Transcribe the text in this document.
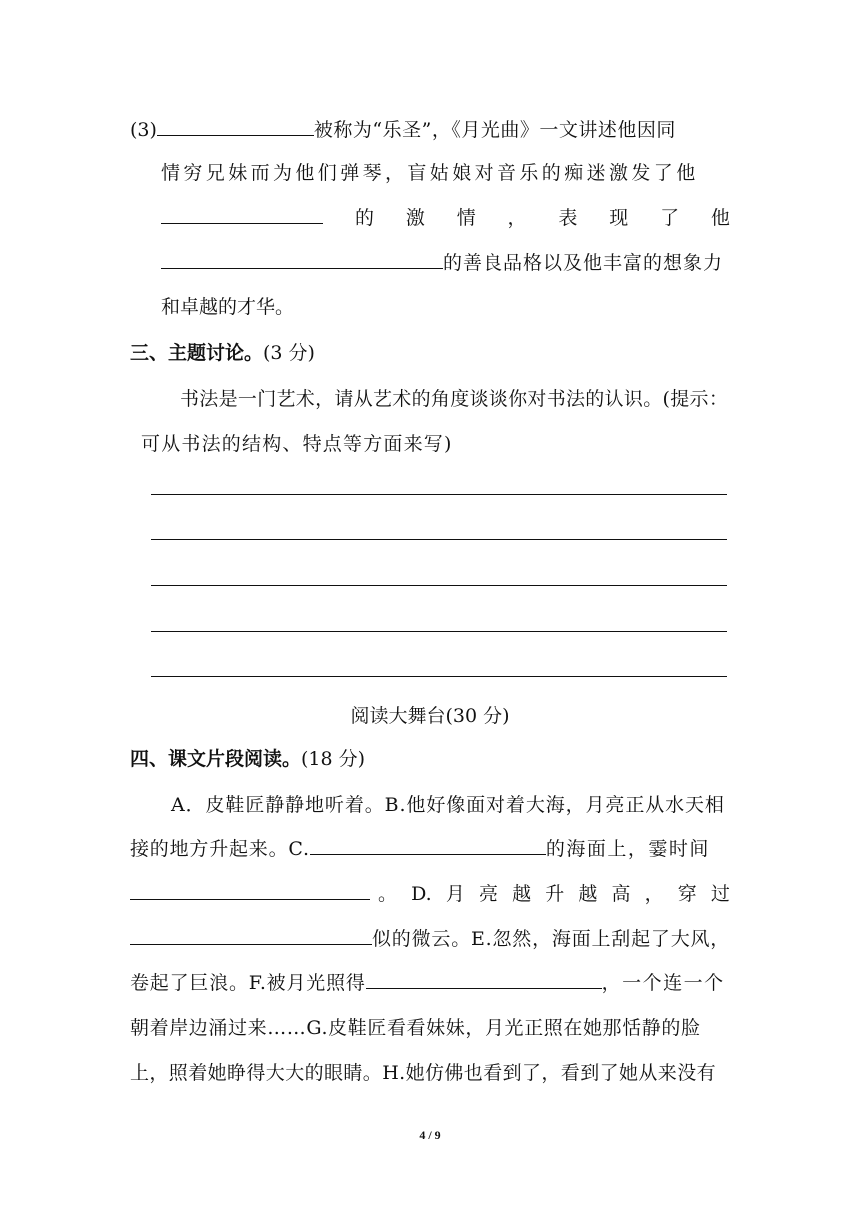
(3)	被称为“乐圣”，《月光曲》一文讲述他因同
情穷兄妹而为他们弹琴，盲姑娘对音乐的痴迷激发了他
的 激 情 ， 表 现 了 他
的善良品格以及他丰富的想象力
和卓越的才华。
三、主题讨论。(3 分)
书法是一门艺术，请从艺术的角度谈谈你对书法的认识。(提示：
可从书法的结构、特点等方面来写)
阅读大舞台(30 分)
四、课文片段阅读。(18 分)
A．皮鞋匠静静地听着。B.他好像面对着大海，月亮正从水天相
接的地方升起来。C.	的海面上，霎时间
。 D. 月 亮 越 升 越 高 ， 穿 过
似的微云。E.忽然，海面上刮起了大风，
卷起了巨浪。F.被月光照得	，一个连一个
朝着岸边涌过来……G.皮鞋匠看看妹妹，月光正照在她那恬静的脸
上，照着她睁得大大的眼睛。H.她仿佛也看到了，看到了她从来没有
4 / 9
